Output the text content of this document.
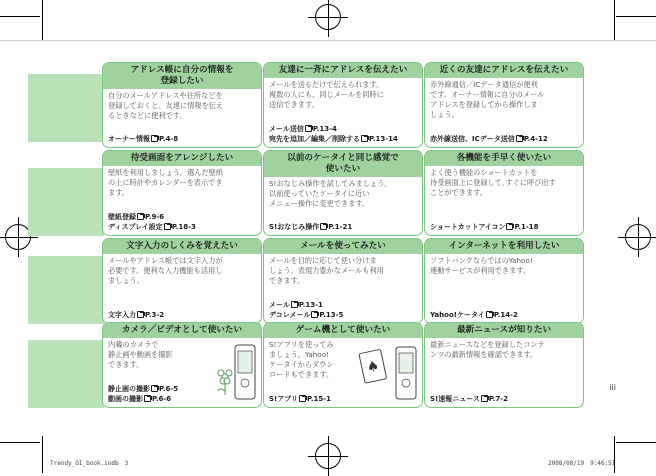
アドレス帳に自分の情報を
登録したい
自分のメールアドレスや住所などを
登録しておくと、友達に情報を伝え
るときなどに便利です。
オーナー情報 P.4-8
友達に一斉にアドレスを伝えたい
メールを送るだけで伝えられます。
複数の人にも、同じメールを同時に
送信できます。
メール送信 P.13-4
宛先を追加／編集／削除する P.13-14
近くの友達にアドレスを伝えたい
赤外線通信／ICデータ通信が便利
です。オーナー情報に自分のメール
アドレスを登録してから操作しま
しょう。
赤外線送信、ICデータ送信 P.4-12
待受画面をアレンジしたい
壁紙を利用しましょう。選んだ壁紙
の上に時計やカレンダーを表示でき
ます。
壁紙登録 P.9-6
ディスプレイ設定 P.18-3
以前のケータイと同じ感覚で
使いたい
S!おなじみ操作を試してみましょう。
以前使っていたケータイに近い
メニュー操作に変更できます。
S!おなじみ操作 P.1-21
各機能を手早く使いたい
よく使う機能のショートカットを
待受画面上に登録して､すぐに呼び出す
ことができます。
ショートカットアイコン P.1-18
文字入力のしくみを覚えたい
メールやアドレス帳では文字入力が
必要です。便利な入力機能も活用し
ましょう。
文字入力 P.3-2
メールを使ってみたい
メールを目的に応じて使い分けま
しょう。表現力豊かなメールも利用
できます。
メール P.13-1
デコレメール P.13-5
インターネットを利用したい
ソフトバンクならではのYahoo!
連動サービスが利用できます。
Yahoo!ケータイ P.14-2
カメラ／ビデオとして使いたい
内蔵のカメラで
静止画や動画を撮影
できます。
静止画の撮影 P.6-5
動画の撮影 P.6-6
ゲーム機として使いたい
S!アプリを使ってみ
ましょう。Yahoo!
ケータイからダウン
ロードもできます。
S!アプリ P.15-1
♠
最新ニュースが知りたい
最新ニュースなどを登録したコンテ
ンツの最新情報を確認できます。
S!速報ニュース P.7-2
iii
Trendy_OI_book.indb　3	2008/08/19　9:46:51
